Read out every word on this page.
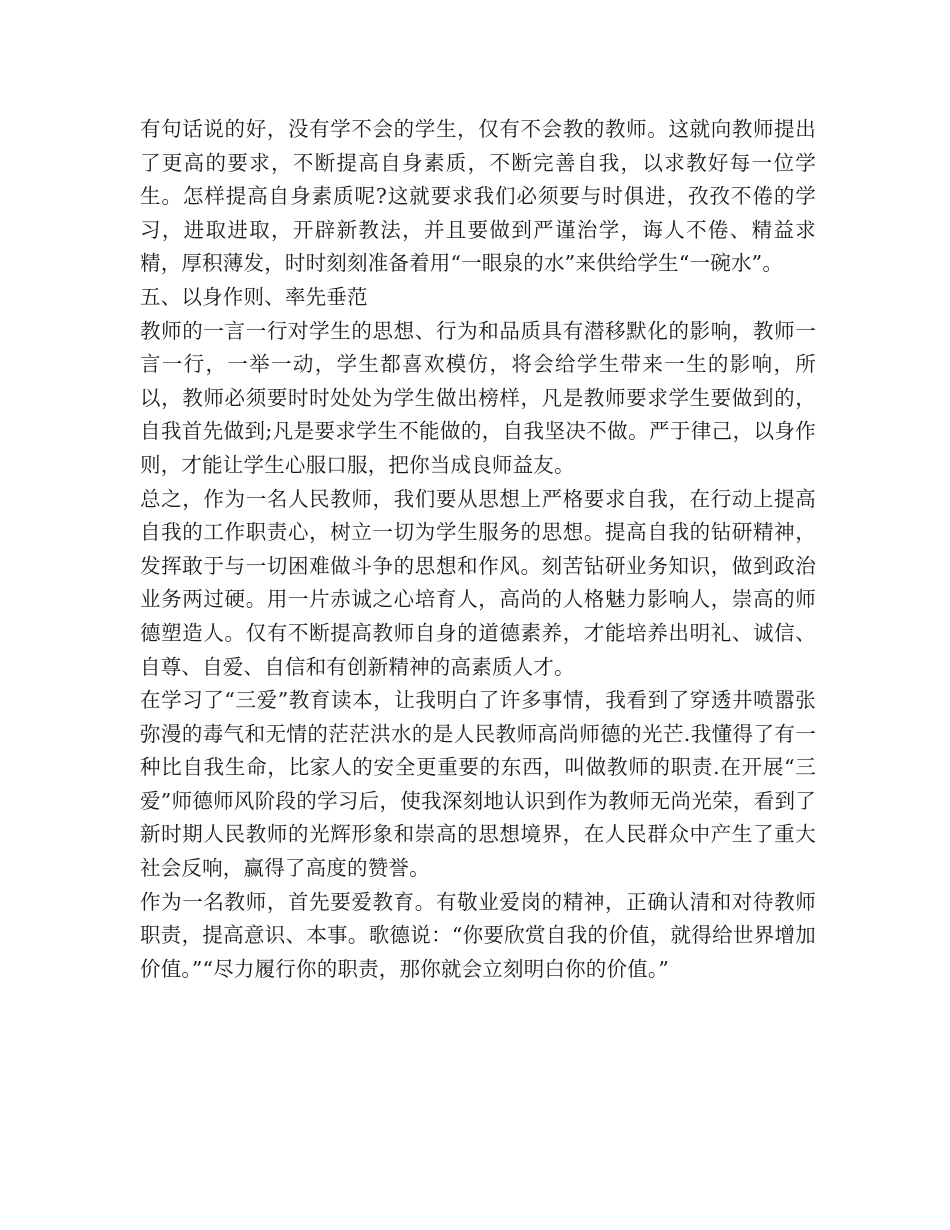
有句话说的好，没有学不会的学生，仅有不会教的教师。这就向教师提出了更高的要求，不断提高自身素质，不断完善自我，以求教好每一位学生。怎样提高自身素质呢?这就要求我们必须要与时俱进，孜孜不倦的学习，进取进取，开辟新教法，并且要做到严谨治学，诲人不倦、精益求精，厚积薄发，时时刻刻准备着用“一眼泉的水”来供给学生“一碗水”。

五、以身作则、率先垂范

教师的一言一行对学生的思想、行为和品质具有潜移默化的影响，教师一言一行，一举一动，学生都喜欢模仿，将会给学生带来一生的影响，所以，教师必须要时时处处为学生做出榜样，凡是教师要求学生要做到的，自我首先做到;凡是要求学生不能做的，自我坚决不做。严于律己，以身作则，才能让学生心服口服，把你当成良师益友。

总之，作为一名人民教师，我们要从思想上严格要求自我，在行动上提高自我的工作职责心，树立一切为学生服务的思想。提高自我的钻研精神，发挥敢于与一切困难做斗争的思想和作风。刻苦钻研业务知识，做到政治业务两过硬。用一片赤诚之心培育人，高尚的人格魅力影响人，崇高的师德塑造人。仅有不断提高教师自身的道德素养，才能培养出明礼、诚信、自尊、自爱、自信和有创新精神的高素质人才。

在学习了“三爱”教育读本，让我明白了许多事情，我看到了穿透井喷嚣张弥漫的毒气和无情的茫茫洪水的是人民教师高尚师德的光芒.我懂得了有一种比自我生命，比家人的安全更重要的东西，叫做教师的职责.在开展“三爱”师德师风阶段的学习后，使我深刻地认识到作为教师无尚光荣，看到了新时期人民教师的光辉形象和崇高的思想境界，在人民群众中产生了重大社会反响，赢得了高度的赞誉。

作为一名教师，首先要爱教育。有敬业爱岗的精神，正确认清和对待教师职责，提高意识、本事。歌德说：“你要欣赏自我的价值，就得给世界增加价值。”“尽力履行你的职责，那你就会立刻明白你的价值。”
